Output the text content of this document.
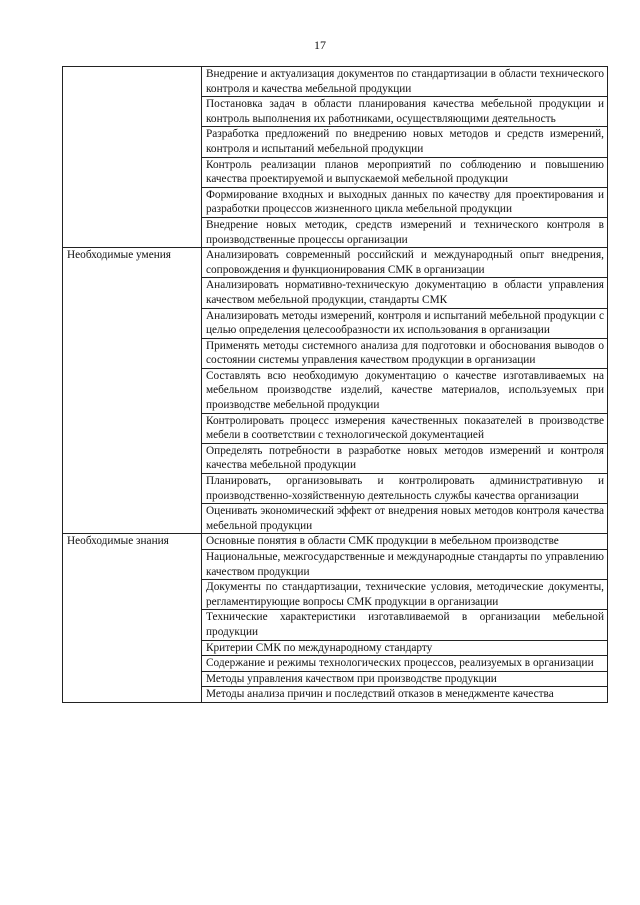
17
	Внедрение и актуализация документов по стандартизации в области технического контроля и качества мебельной продукции
	Постановка задач в области планирования качества мебельной продукции и контроль выполнения их работниками, осуществляющими деятельность
	Разработка предложений по внедрению новых методов и средств измерений, контроля и испытаний мебельной продукции
	Контроль реализации планов мероприятий по соблюдению и повышению качества проектируемой и выпускаемой мебельной продукции
	Формирование входных и выходных данных по качеству для проектирования и разработки процессов жизненного цикла мебельной продукции
	Внедрение новых методик, средств измерений и технического контроля в производственные процессы организации
Необходимые умения	Анализировать современный российский и международный опыт внедрения, сопровождения и функционирования СМК в организации
	Анализировать нормативно-техническую документацию в области управления качеством мебельной продукции, стандарты СМК
	Анализировать методы измерений, контроля и испытаний мебельной продукции с целью определения целесообразности их использования в организации
	Применять методы системного анализа для подготовки и обоснования выводов о состоянии системы управления качеством продукции в организации
	Составлять всю необходимую документацию о качестве изготавливаемых на мебельном производстве изделий, качестве материалов, используемых при производстве мебельной продукции
	Контролировать процесс измерения качественных показателей в производстве мебели в соответствии с технологической документацией
	Определять потребности в разработке новых методов измерений и контроля качества мебельной продукции
	Планировать, организовывать и контролировать административную и производственно-хозяйственную деятельность службы качества организации
	Оценивать экономический эффект от внедрения новых методов контроля качества мебельной продукции
Необходимые знания	Основные понятия в области СМК продукции в мебельном производстве
	Национальные, межгосударственные и международные стандарты по управлению качеством продукции
	Документы по стандартизации, технические условия, методические документы, регламентирующие вопросы СМК продукции в организации
	Технические характеристики изготавливаемой в организации мебельной продукции
	Критерии СМК по международному стандарту
	Содержание и режимы технологических процессов, реализуемых в организации
	Методы управления качеством при производстве продукции
	Методы анализа причин и последствий отказов в менеджменте качества
